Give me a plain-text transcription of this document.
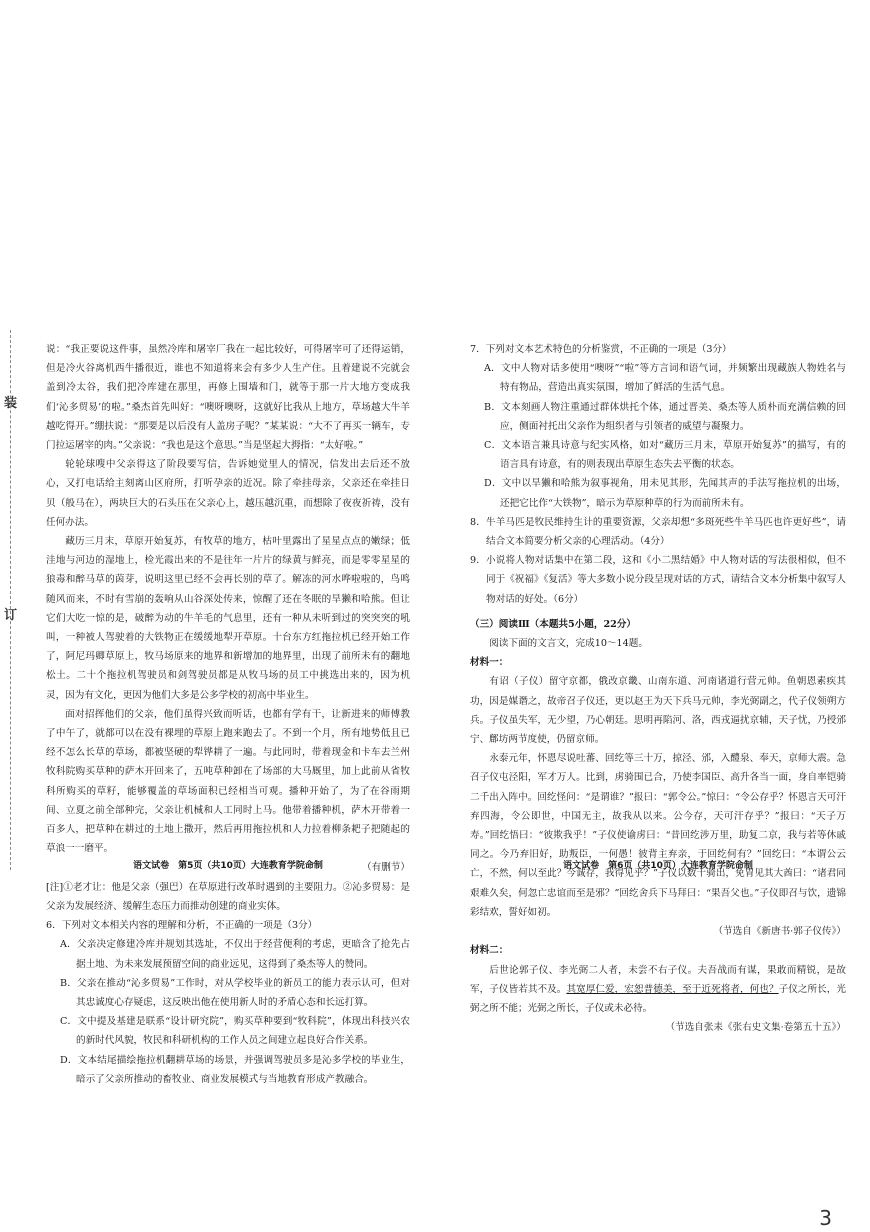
装
订

说：“我正要说这件事，虽然冷库和屠宰厂我在一起比较好，可得屠宰可了还得运销，但是冷火谷离机西牛播很近，谁也不知道将来会有多少人生产住。且着建说不完就会盖到冷太谷，我们把冷库建在那里，再修上围墙和门，就等于那一片大地方变成我们‘沁多贸易’的啦。”桑杰首先叫好：“噢呀噢呀，这就好比我从上地方，草场越大牛羊越吃得开。”绷扶说：“那要是以后没有人盖房子呢？”某某说：“大不了再买一辆车，专门拉运屠宰的肉。”父亲说：“我也是这个意思。”当是坚起大拇指：“太好啦。”

轮轮球嗖中父亲得这了阶段要写信，告诉她觉里人的情况，信发出去后还不放心，又打电话给主刻离山区府所，打听孕亲的近况。除了牵挂母亲，父亲还在牵挂日贝（般马在），两块巨大的石头压在父亲心上，越压越沉重，而想除了夜夜祈祷，没有任何办法。

藏历三月末，草原开始复苏，有牧草的地方，枯叶里露出了星星点点的嫩绿；低洼地与河边的湿地上，检光霞出来的不是往年一片片的绿黄与鲜亮，而是零零星星的狼毒和醉马草的茵芽，说明这里已经不会再长别的草了。解冻的河水哗啦啦的，鸟鸣随风而来，不时有雪崩的轰响从山谷深处传来，惊醒了还在冬眠的旱獭和哈熊。但让它们大吃一惊的是，破醉为动的牛羊毛的气息里，还有一种从未听到过的突突突的吼叫，一种被人驾驶着的大铁物正在缓缓地犁开草原。十台东方红拖拉机已经开始工作了，阿尼玛卿草原上，牧马场原来的地界和新增加的地界里，出现了前所未有的翻地松土。二十个拖拉机驾驶员和剑驾驶员都是从牧马场的员工中挑选出来的，因为机灵，因为有文化，更因为他们大多是公多学校的初高中毕业生。

面对招挥他们的父亲，他们虽得兴致而听话，也都有学有干，让新进来的师傅教了中午了，就都可以在没有裸埋的草原上跑来跑去了。不到一个月，所有地势低且已经不怎么长草的草场，都被坚硬的犁铧耕了一遍。与此同时，带着现金和卡车去兰州牧科院购买草种的萨木开回来了，五吨草种卸在了场部的大马厩里，加上此前从省牧科所购买的草籽，能够覆盖的草场面积已经相当可观。播种开始了，为了在谷雨期间、立夏之前全部种完，父亲让机械和人工同时上马。他带着播种机，萨木开带着一百多人，把草种在耕过的土地上撒开，然后再用拖拉机和人力拉着柳条耙子把随起的草浪一一磨平。

（有删节）

[注]①老才让：他是父亲（强巴）在草原进行改革时遇到的主要阻力。②沁多贸易：是父亲为发展经济、缓解生态压力而推动创建的商业实体。

6．下列对文本相关内容的理解和分析，不正确的一项是（3分）

A．父亲决定修建冷库并规划其选址，不仅出于经营便利的考虑，更暗含了抢先占据土地、为未来发展预留空间的商业远见，这得到了桑杰等人的赞同。

B．父亲在推动“沁多贸易”工作时，对从学校毕业的新员工的能力表示认可，但对其忠诚度心存疑虑，这反映出他在使用新人时的矛盾心态和长远打算。

C．文中提及基建是联系“设计研究院”，购买草种要到“牧科院”，体现出科技兴农的新时代风貌，牧民和科研机构的工作人员之间建立起良好合作关系。

D．文本结尾描绘拖拉机翻耕草场的场景，并强调驾驶员多是沁多学校的毕业生，暗示了父亲所推动的畜牧业、商业发展模式与当地教育形成产教融合。

语文试卷　第5页（共10页）大连教育学院命制

7．下列对文本艺术特色的分析鉴赏，不正确的一项是（3分）

A．文中人物对话多使用“噢呀”“啦”等方言词和语气词，并频繁出现藏族人物姓名与特有物品，营造出真实氛围，增加了鲜活的生活气息。

B．文本刻画人物注重通过群体烘托个体，通过晋美、桑杰等人质朴而充满信赖的回应，侧面衬托出父亲作为组织者与引领者的威望与凝聚力。

C．文本语言兼具诗意与纪实风格，如对“藏历三月末，草原开始复苏”的描写，有的语言具有诗意，有的则表现出草原生态失去平衡的状态。

D．文中以旱獭和哈熊为叙事视角，用未见其形，先闻其声的手法写拖拉机的出场，还把它比作“大铁物”，暗示为草原种草的行为而前所未有。

8．牛羊马匹是牧民维持生计的重要资源，父亲却想“多斑死些牛羊马匹也许更好些”，请结合文本简要分析父亲的心理活动。（4分）

9．小说将人物对话集中在第二段，这和《小二黑结婚》中人物对话的写法很相似，但不同于《祝福》《复活》等大多数小说分段呈现对话的方式，请结合文本分析集中叙写人物对话的好处。（6分）

（三）阅读Ⅲ（本题共5小题，22分）

阅读下面的文言文，完成10～14题。

材料一：

有诏（子仪）留守京都，俄改京畿、山南东道、河南诸道行营元帅。鱼朝恩素疾其功，因是媒谮之，故帝召子仪还，更以赵王为天下兵马元帅，李光弼副之，代子仪领朔方兵。子仪虽失军，无少望，乃心朝廷。思明再陷河、洛，西戎逼扰京辅，天子忧，乃授邠宁、鄜坊两节度使，仍留京师。

永泰元年，怀恩尽说吐蕃、回纥等三十万，掠泾、邠，入醴泉、奉天，京师大震。急召子仪屯泾阳，军才万人。比到，虏骑围已合，乃使李国臣、高升各当一面，身自率铠骑二千出入阵中。回纥怪问：“是谓谁？”报曰：“郭令公。”惊曰：“令公存乎？怀恩言天可汗弃四海，令公即世，中国无主，故我从以来。公今存，天可汗存乎？”报曰：“天子万寿。”回纥悟曰：“彼欺我乎！”子仪使谕虏曰：“昔回纥涉万里，助复二京，我与若等休戚同之。今乃弃旧好，助叛臣，一何愚！彼背主弃亲，于回纥何有？”回纥曰：“本谓公云亡，不然，何以至此？今诚存，我得见乎？”子仪以数十骑出，免胄见其大酋曰：“诸君同艰难久矣，何忽亡忠谊而至是邪？”回纥舍兵下马拜曰：“果吾父也。”子仪即召与饮，遗锦彩结欢，誓好如初。

（节选自《新唐书·郭子仪传》）

材料二：

后世论郭子仪、李光弼二人者，未尝不右子仪。夫吾战而有谋，果敢而精锐，是故军，子仪皆若其不及。其宽厚仁爱，宏恕普德美，至于近死将者，何也？子仪之所长，光弼之所不能；光弼之所长，子仪或未必待。

（节选自张耒《张右史文集·卷第五十五》）

语文试卷　第6页（共10页）大连教育学院命制
3
